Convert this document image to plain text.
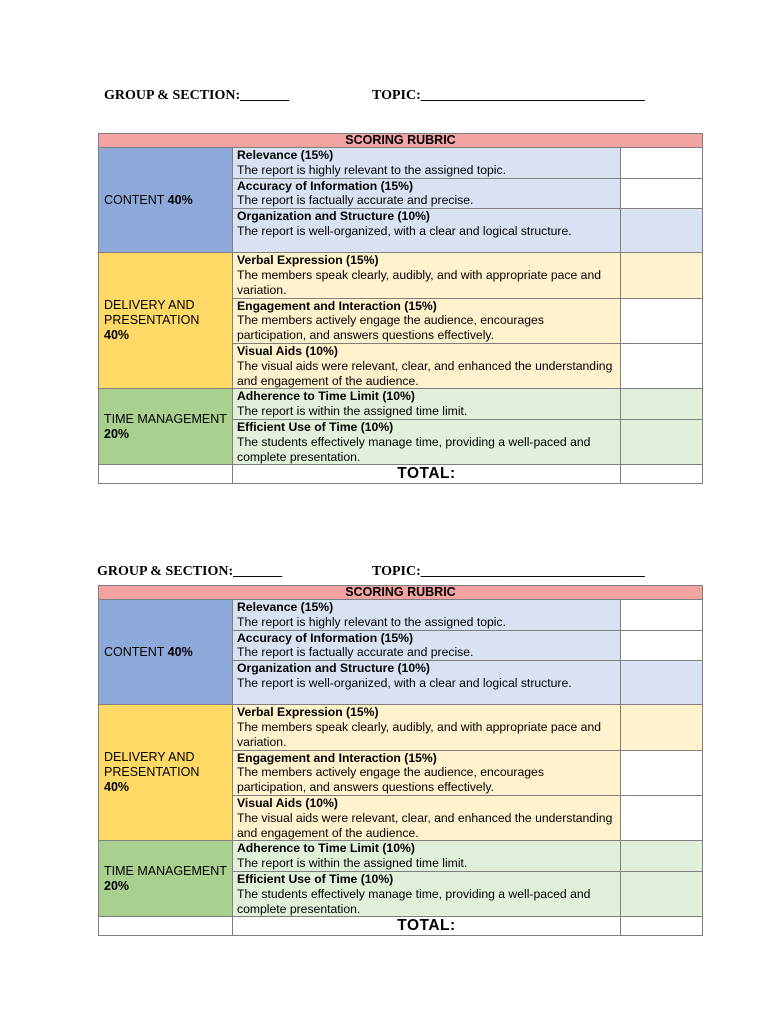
GROUP & SECTION:_______	TOPIC:________________________________
SCORING RUBRIC		
CONTENT 40%	Relevance (15%)
The report is highly relevant to the assigned topic.	

	Accuracy of Information (15%)
The report is factually accurate and precise.	

	Organization and Structure (10%)
The report is well-organized, with a clear and logical structure.	

DELIVERY AND PRESENTATION
40%	Verbal Expression (15%)
The members speak clearly, audibly, and with appropriate pace and variation.	

	Engagement and Interaction (15%)
The members actively engage the audience, encourages participation, and answers questions effectively.	

	Visual Aids (10%)
The visual aids were relevant, clear, and enhanced the understanding and engagement of the audience.	

TIME MANAGEMENT
20%	Adherence to Time Limit (10%)
The report is within the assigned time limit.	

	Efficient Use of Time (10%)
The students effectively manage time, providing a well-paced and complete presentation.	

	TOTAL:	
GROUP & SECTION:_______	TOPIC:________________________________
SCORING RUBRIC		
CONTENT 40%	Relevance (15%)
The report is highly relevant to the assigned topic.	

	Accuracy of Information (15%)
The report is factually accurate and precise.	

	Organization and Structure (10%)
The report is well-organized, with a clear and logical structure.	

DELIVERY AND PRESENTATION
40%	Verbal Expression (15%)
The members speak clearly, audibly, and with appropriate pace and variation.	

	Engagement and Interaction (15%)
The members actively engage the audience, encourages participation, and answers questions effectively.	

	Visual Aids (10%)
The visual aids were relevant, clear, and enhanced the understanding and engagement of the audience.	

TIME MANAGEMENT
20%	Adherence to Time Limit (10%)
The report is within the assigned time limit.	

	Efficient Use of Time (10%)
The students effectively manage time, providing a well-paced and complete presentation.	

	TOTAL:	
